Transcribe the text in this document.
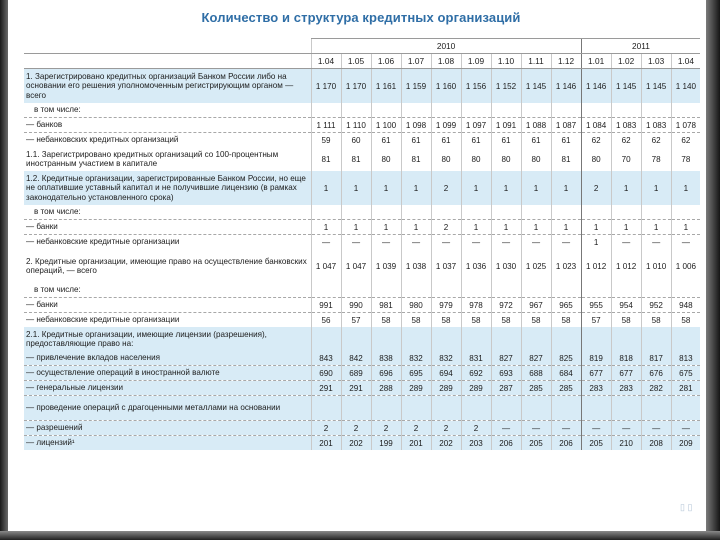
Количество и структура кредитных организаций
	2010									2011			
	1.04	1.05	1.06	1.07	1.08	1.09	1.10	1.11	1.12	1.01	1.02	1.03	1.04
1. Зарегистрировано кредитных организаций Банком России либо на основании его решения уполномоченным регистрирующим органом — всего	1 170	1 170	1 161	1 159	1 160	1 156	1 152	1 145	1 146	1 146	1 145	1 145	1 140
в том числе:													
— банков	1 111	1 110	1 100	1 098	1 099	1 097	1 091	1 088	1 087	1 084	1 083	1 083	1 078
— небанковских кредитных организаций	59	60	61	61	61	61	61	61	61	62	62	62	62
1.1. Зарегистрировано кредитных организаций со 100-процентным иностранным участием в капитале	81	81	80	81	80	80	80	80	81	80	70	78	78
1.2. Кредитные организации, зарегистрированные Банком России, но еще не оплатившие уставный капитал и не получившие лицензию (в рамках законодательно установленного срока)	1	1	1	1	2	1	1	1	1	2	1	1	1
в том числе:													
— банки	1	1	1	1	2	1	1	1	1	1	1	1	1
— небанковские кредитные организации	—	—	—	—	—	—	—	—	—	1	—	—	—
2. Кредитные организации, имеющие право на осуществление банковских операций, — всего	1 047	1 047	1 039	1 038	1 037	1 036	1 030	1 025	1 023	1 012	1 012	1 010	1 006
в том числе:													
— банки	991	990	981	980	979	978	972	967	965	955	954	952	948
— небанковские кредитные организации	56	57	58	58	58	58	58	58	58	57	58	58	58
2.1. Кредитные организации, имеющие лицензии (разрешения), предоставляющие право на:													
— привлечение вкладов населения	843	842	838	832	832	831	827	827	825	819	818	817	813
— осуществление операций в иностранной валюте	690	689	696	695	694	692	693	688	684	677	677	676	675
— генеральные лицензии	291	291	288	289	289	289	287	285	285	283	283	282	281
— проведение операций с драгоценными металлами на основании													
— разрешений	2	2	2	2	2	2	—	—	—	—	—	—	—
— лицензий¹	201	202	199	201	202	203	206	205	206	205	210	208	209
▯ ▯
